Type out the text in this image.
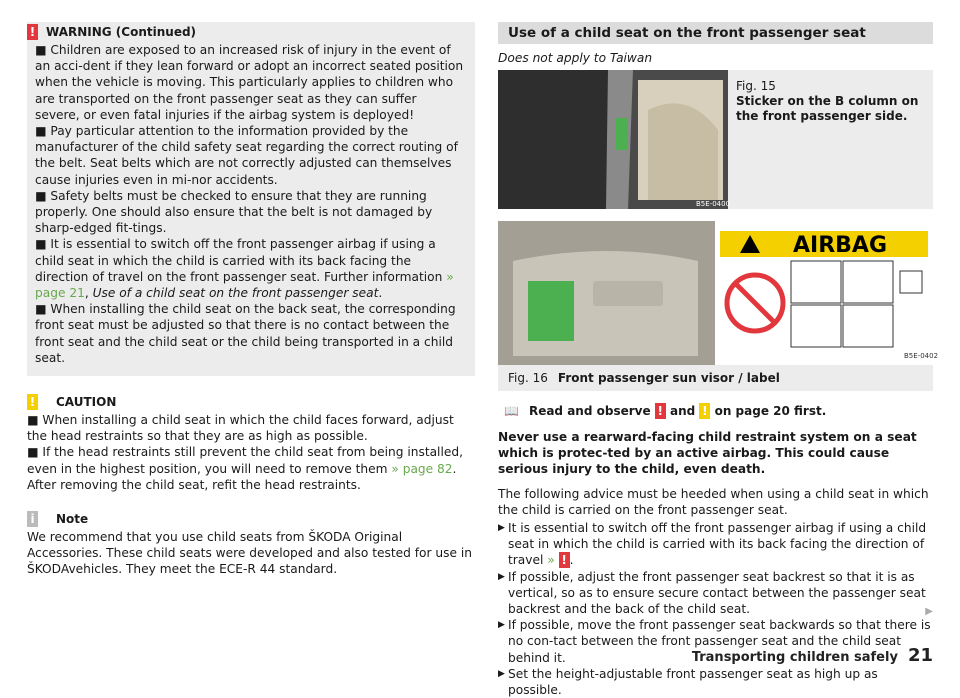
! WARNING (Continued)

■ Children are exposed to an increased risk of injury in the event of an acci-dent if they lean forward or adopt an incorrect seated position when the vehicle is moving. This particularly applies to children who are transported on the front passenger seat as they can suffer severe, or even fatal injuries if the airbag system is deployed!

■ Pay particular attention to the information provided by the manufacturer of the child safety seat regarding the correct routing of the belt. Seat belts which are not correctly adjusted can themselves cause injuries even in mi-nor accidents.

■ Safety belts must be checked to ensure that they are running properly. One should also ensure that the belt is not damaged by sharp-edged fit-tings.

■ It is essential to switch off the front passenger airbag if using a child seat in which the child is carried with its back facing the direction of travel on the front passenger seat. Further information » page 21, Use of a child seat on the front passenger seat.

■ When installing the child seat on the back seat, the corresponding front seat must be adjusted so that there is no contact between the front seat and the child seat or the child being transported in a child seat.

! CAUTION

■ When installing a child seat in which the child faces forward, adjust the head restraints so that they are as high as possible.

■ If the head restraints still prevent the child seat from being installed, even in the highest position, you will need to remove them » page 82. After removing the child seat, refit the head restraints.

i Note

We recommend that you use child seats from ŠKODA Original Accessories. These child seats were developed and also tested for use in ŠKODAvehicles. They meet the ECE-R 44 standard.

Use of a child seat on the front passenger seat
Does not apply to Taiwan
B5E-0400
Fig. 15
Sticker on the B column on the front passenger side.
AIRBAG
B5E-0402
Fig. 16 Front passenger sun visor / label
📖 Read and observe
!
and
!
on page 20 first.

Never use a rearward-facing child restraint system on a seat which is protec-ted by an active airbag. This could cause serious injury to the child, even death.

The following advice must be heeded when using a child seat in which the child is carried on the front passenger seat.

▶ It is essential to switch off the front passenger airbag if using a child seat in which the child is carried with its back facing the direction of travel » ! .
▶ If possible, adjust the front passenger seat backrest so that it is as vertical, so as to ensure secure contact between the passenger seat backrest and the back of the child seat.
▶ If possible, move the front passenger seat backwards so that there is no con-tact between the front passenger seat and the child seat behind it.
▶ Set the height-adjustable front passenger seat as high up as possible.
▶
Transporting children safely 21
